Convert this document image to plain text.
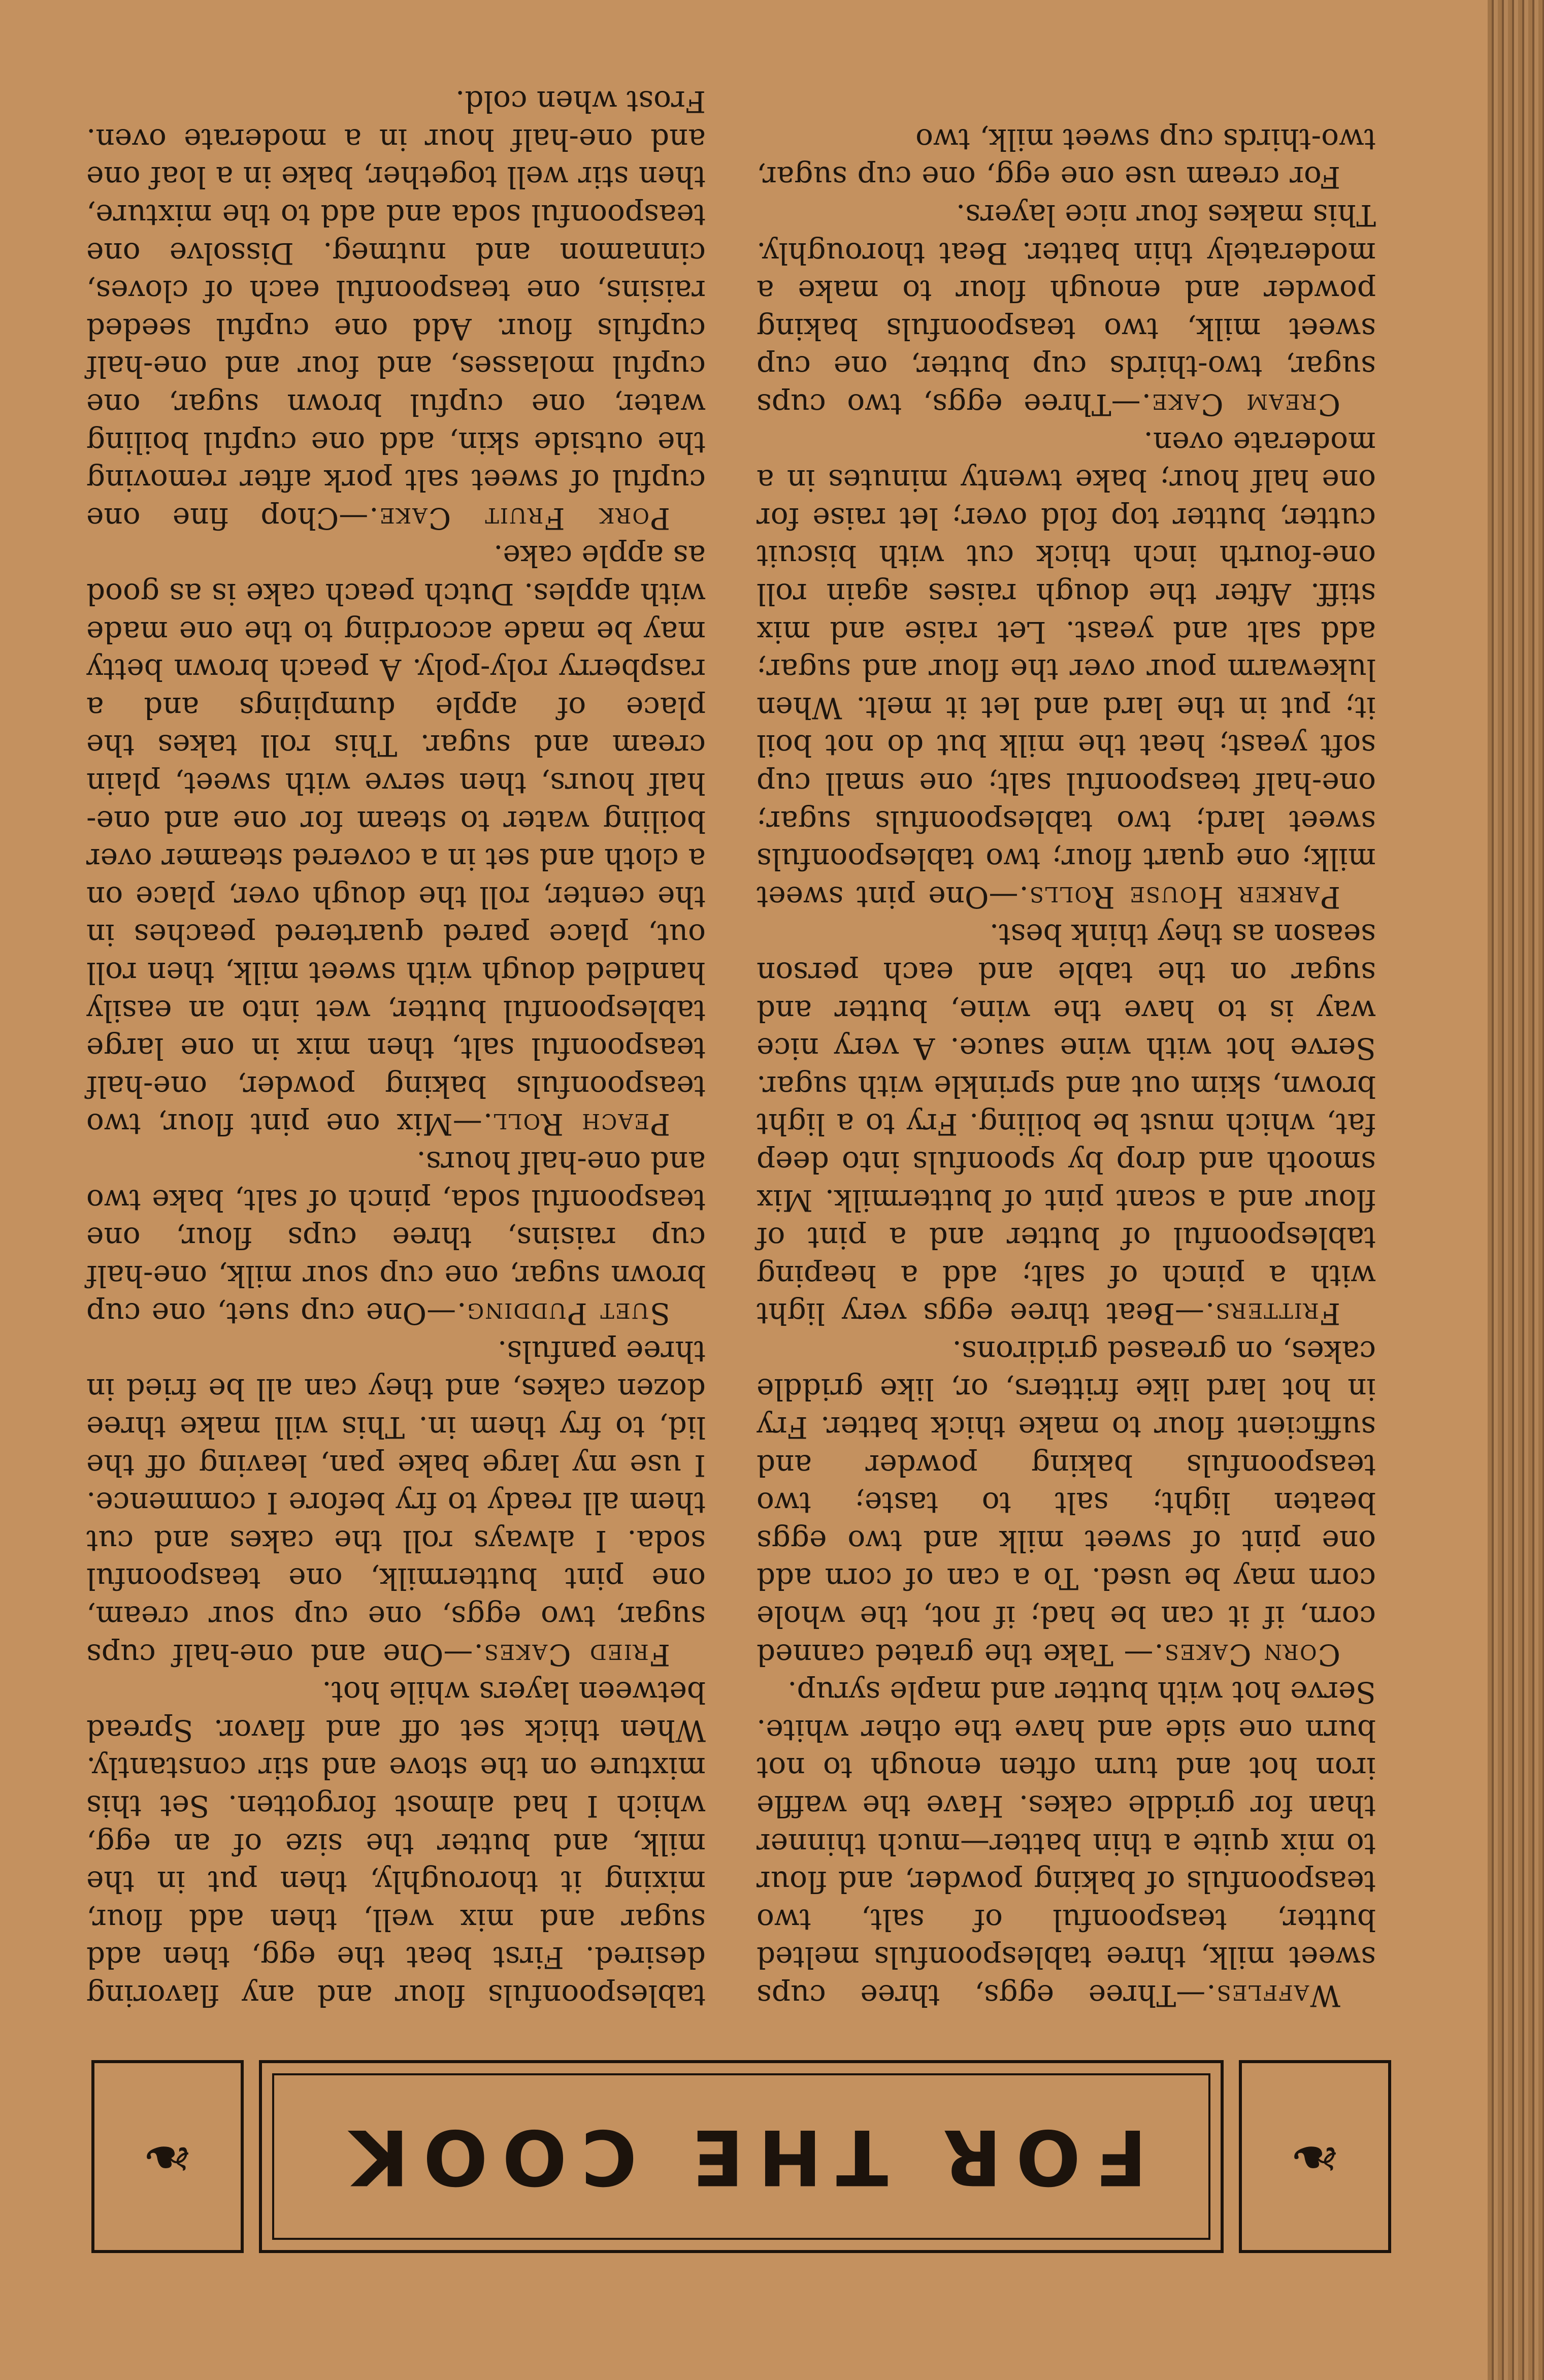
❧
FOR THE COOK
❧

Waffles.—Three eggs, three cups sweet milk, three tablespoonfuls melted butter, teaspoonful of salt, two teaspoonfuls of baking powder, and flour to mix quite a thin batter—much thinner than for griddle cakes. Have the waffle iron hot and turn often enough to not burn one side and have the other white. Serve hot with butter and maple syrup.

Corn Cakes.— Take the grated canned corn, if it can be had; if not, the whole corn may be used. To a can of corn add one pint of sweet milk and two eggs beaten light; salt to taste; two teaspoonfuls baking powder and sufficient flour to make thick batter. Fry in hot lard like fritters, or, like griddle cakes, on greased gridirons.

Fritters.—Beat three eggs very light with a pinch of salt; add a heaping tablespoonful of butter and a pint of flour and a scant pint of buttermilk. Mix smooth and drop by spoonfuls into deep fat, which must be boiling. Fry to a light brown, skim out and sprinkle with sugar. Serve hot with wine sauce. A very nice way is to have the wine, butter and sugar on the table and each person season as they think best.

Parker House Rolls.—One pint sweet milk; one quart flour; two tablespoonfuls sweet lard; two tablespoonfuls sugar; one-half teaspoonful salt; one small cup soft yeast; heat the milk but do not boil it; put in the lard and let it melt. When lukewarm pour over the flour and sugar; add salt and yeast. Let raise and mix stiff. After the dough raises again roll one-fourth inch thick cut with biscuit cutter, butter top fold over; let raise for one half hour; bake twenty minutes in a moderate oven.

Cream Cake.—Three eggs, two cups sugar, two-thirds cup butter, one cup sweet milk, two teaspoonfuls baking powder and enough flour to make a moderately thin batter. Beat thoroughly. This makes four nice layers.

For cream use one egg, one cup sugar, two-thirds cup sweet milk, two

tablespoonfuls flour and any flavoring desired. First beat the egg, then add sugar and mix well, then add flour, mixing it thoroughly, then put in the milk, and butter the size of an egg, which I had almost forgotten. Set this mixture on the stove and stir constantly. When thick set off and flavor. Spread between layers while hot.

Fried Cakes.—One and one-half cups sugar, two eggs, one cup sour cream, one pint buttermilk, one teaspoonful soda. I always roll the cakes and cut them all ready to fry before I commence. I use my large bake pan, leaving off the lid, to fry them in. This will make three dozen cakes, and they can all be fried in three panfuls.

Suet Pudding.—One cup suet, one cup brown sugar, one cup sour milk, one-half cup raisins, three cups flour, one teaspoonful soda, pinch of salt, bake two and one-half hours.

Peach Roll.—Mix one pint flour, two teaspoonfuls baking powder, one-half teaspoonful salt, then mix in one large tablespoonful butter, wet into an easily handled dough with sweet milk, then roll out, place pared quartered peaches in the center, roll the dough over, place on a cloth and set in a covered steamer over boiling water to steam for one and one-half hours, then serve with sweet, plain cream and sugar. This roll takes the place of apple dumplings and a raspberry roly-poly. A peach brown betty may be made according to the one made with apples. Dutch peach cake is as good as apple cake.

Pork Fruit Cake.—Chop fine one cupful of sweet salt pork after removing the outside skin, add one cupful boiling water, one cupful brown sugar, one cupful molasses, and four and one-half cupfuls flour. Add one cupful seeded raisins, one teaspoonful each of cloves, cinnamon and nutmeg. Dissolve one teaspoonful soda and add to the mixture, then stir well together, bake in a loaf one and one-half hour in a moderate oven. Frost when cold.
